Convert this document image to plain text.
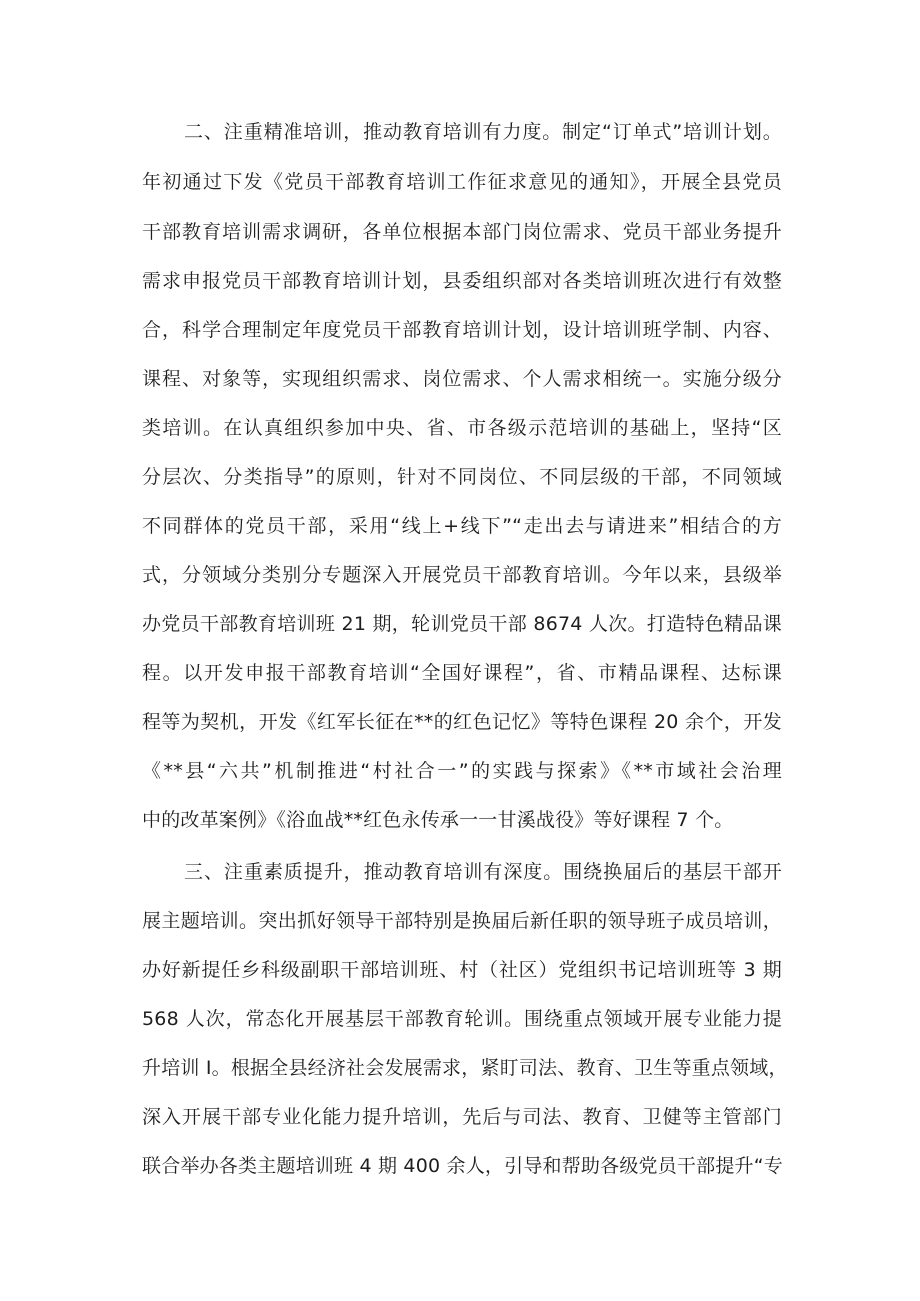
二、注重精准培训，推动教育培训有力度。制定“订单式”培训计划。

年初通过下发《党员干部教育培训工作征求意见的通知》，开展全县党员

干部教育培训需求调研，各单位根据本部门岗位需求、党员干部业务提升

需求申报党员干部教育培训计划，县委组织部对各类培训班次进行有效整

合，科学合理制定年度党员干部教育培训计划，设计培训班学制、内容、

课程、对象等，实现组织需求、岗位需求、个人需求相统一。实施分级分

类培训。在认真组织参加中央、省、市各级示范培训的基础上，坚持“区

分层次、分类指导”的原则，针对不同岗位、不同层级的干部，不同领域

不同群体的党员干部，采用“线上+线下”“走出去与请进来”相结合的方

式，分领域分类别分专题深入开展党员干部教育培训。今年以来，县级举

办党员干部教育培训班 21 期，轮训党员干部 8674 人次。打造特色精品课

程。以开发申报干部教育培训“全国好课程”，省、市精品课程、达标课

程等为契机，开发《红军长征在**的红色记忆》等特色课程 20 余个，开发

《**县“六共”机制推进“村社合一”的实践与探索》《**市域社会治理

中的改革案例》《浴血战**红色永传承一一甘溪战役》等好课程 7 个。

三、注重素质提升，推动教育培训有深度。围绕换届后的基层干部开

展主题培训。突出抓好领导干部特别是换届后新任职的领导班子成员培训，

办好新提任乡科级副职干部培训班、村（社区）党组织书记培训班等 3 期

568 人次，常态化开展基层干部教育轮训。围绕重点领域开展专业能力提

升培训 I。根据全县经济社会发展需求，紧盯司法、教育、卫生等重点领域，

深入开展干部专业化能力提升培训，先后与司法、教育、卫健等主管部门

联合举办各类主题培训班 4 期 400 余人，引导和帮助各级党员干部提升“专
